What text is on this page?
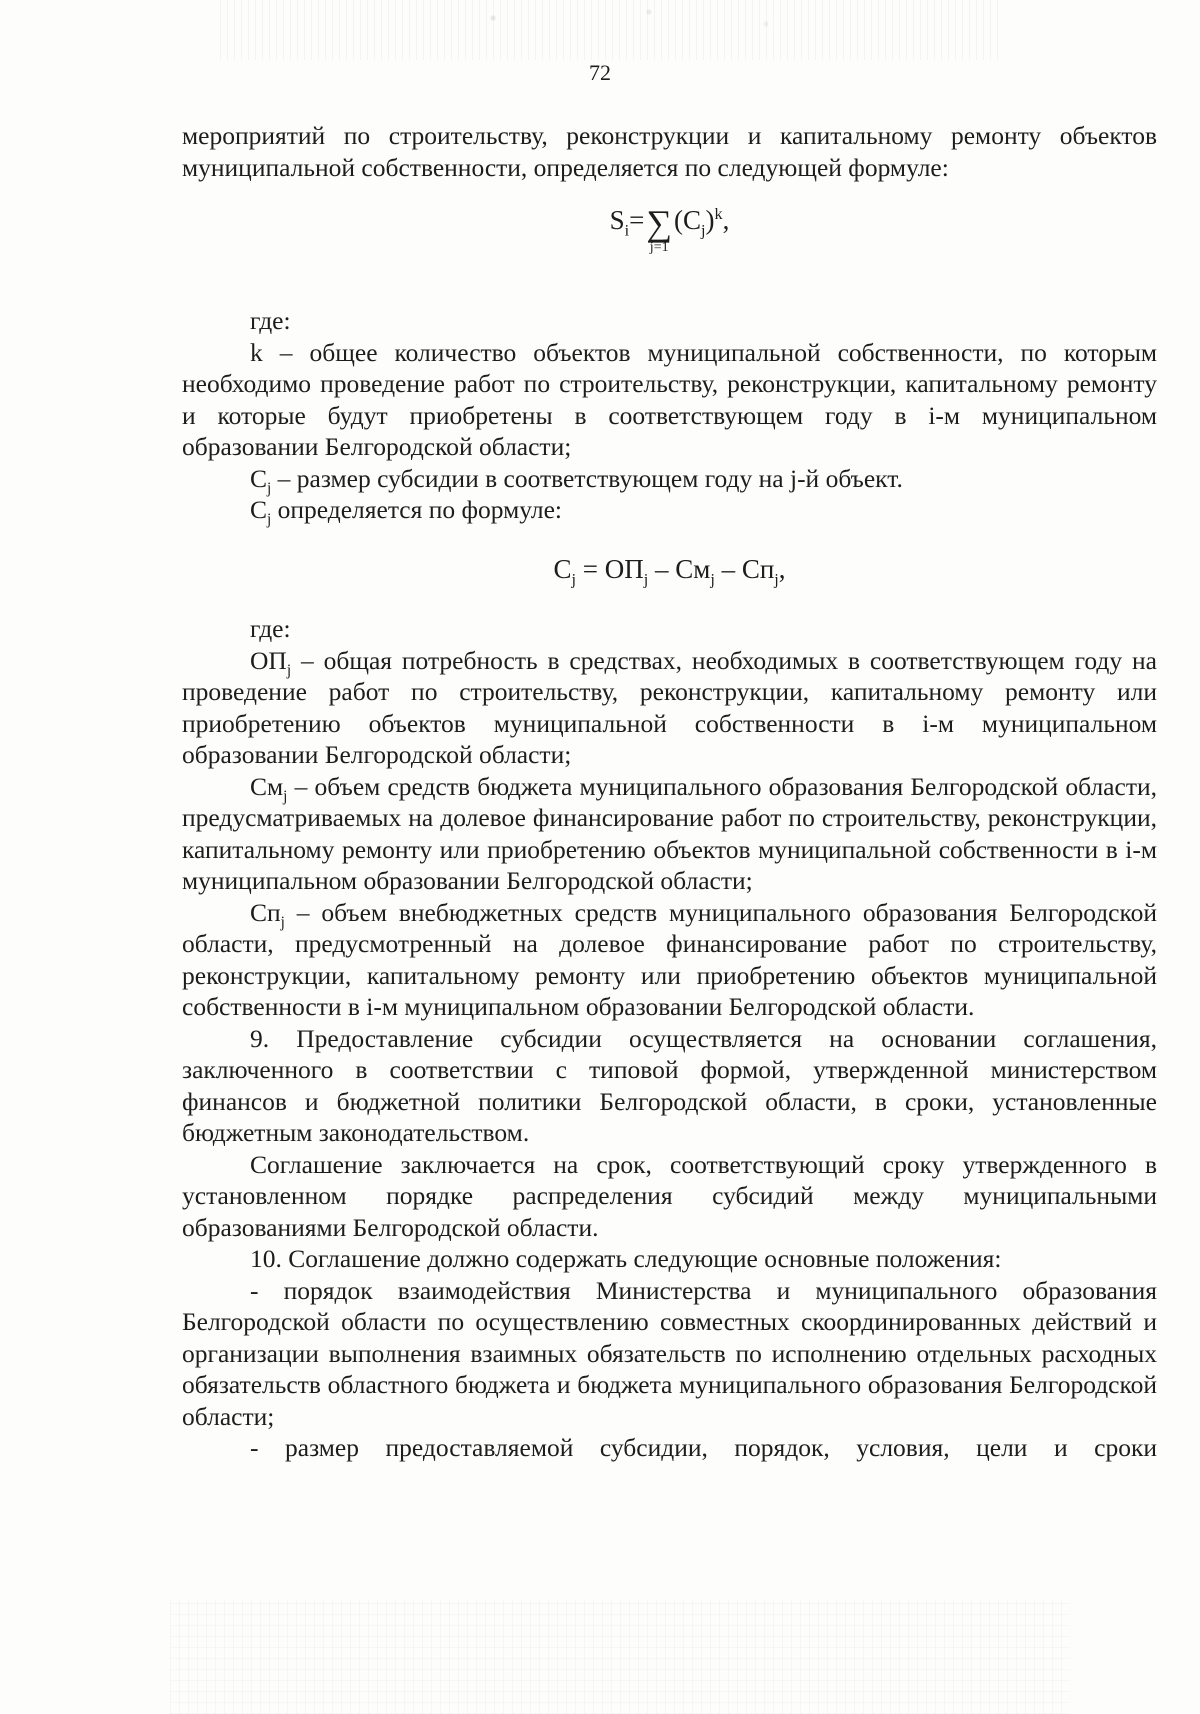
72

мероприятий по строительству, реконструкции и капитальному ремонту объектов муниципальной собственности, определяется по следующей формуле:

$S_i=\sum$
j=1
$(C_j)^k$,

где:

k – общее количество объектов муниципальной собственности, по которым необходимо проведение работ по строительству, реконструкции, капитальному ремонту и которые будут приобретены в соответствующем году в i-м муниципальном образовании Белгородской области;

$C_j$ – размер субсидии в соответствующем году на j-й объект.

$C_j$ определяется по формуле:

$C_j = ОП_j - См_j - Сп_j$,

где:

$ОП_j$ – общая потребность в средствах, необходимых в соответствующем году на проведение работ по строительству, реконструкции, капитальному ремонту или приобретению объектов муниципальной собственности в i-м муниципальном образовании Белгородской области;

$См_j$ – объем средств бюджета муниципального образования Белгородской области, предусматриваемых на долевое финансирование работ по строительству, реконструкции, капитальному ремонту или приобретению объектов муниципальной собственности в i-м муниципальном образовании Белгородской области;

$Сп_j$ – объем внебюджетных средств муниципального образования Белгородской области, предусмотренный на долевое финансирование работ по строительству, реконструкции, капитальному ремонту или приобретению объектов муниципальной собственности в i-м муниципальном образовании Белгородской области.

9. Предоставление субсидии осуществляется на основании соглашения, заключенного в соответствии с типовой формой, утвержденной министерством финансов и бюджетной политики Белгородской области, в сроки, установленные бюджетным законодательством.

Соглашение заключается на срок, соответствующий сроку утвержденного в установленном порядке распределения субсидий между муниципальными образованиями Белгородской области.

10. Соглашение должно содержать следующие основные положения:

- порядок взаимодействия Министерства и муниципального образования Белгородской области по осуществлению совместных скоординированных действий и организации выполнения взаимных обязательств по исполнению отдельных расходных обязательств областного бюджета и бюджета муниципального образования Белгородской области;

- размер предоставляемой субсидии, порядок, условия, цели и сроки
